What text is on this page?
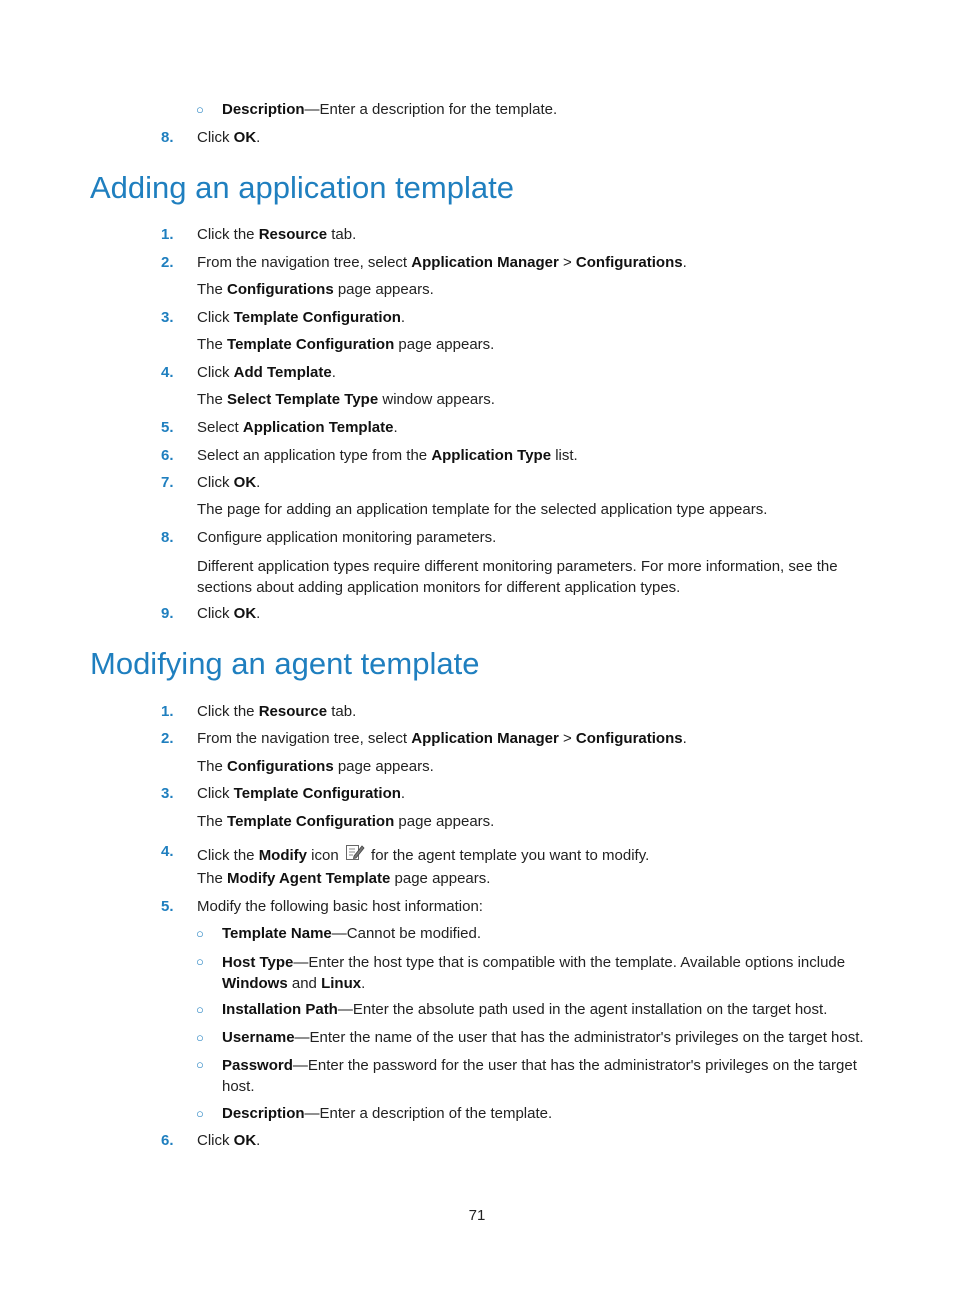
○ Description—Enter a description for the template.
8.	Click OK.
Adding an application template
1.	Click the Resource tab.
2.	From the navigation tree, select Application Manager > Configurations.
The Configurations page appears.
3.	Click Template Configuration.
The Template Configuration page appears.
4.	Click Add Template.
The Select Template Type window appears.
5.	Select Application Template.
6.	Select an application type from the Application Type list.
7.	Click OK.
The page for adding an application template for the selected application type appears.
8.	Configure application monitoring parameters.
Different application types require different monitoring parameters. For more information, see the sections about adding application monitors for different application types.
9.	Click OK.
Modifying an agent template
1.	Click the Resource tab.
2.	From the navigation tree, select Application Manager > Configurations.
The Configurations page appears.
3.	Click Template Configuration.
The Template Configuration page appears.
4.	Click the Modify icon  for the agent template you want to modify.
The Modify Agent Template page appears.
5.	Modify the following basic host information:
○ Template Name—Cannot be modified.
○ Host Type—Enter the host type that is compatible with the template. Available options include Windows and Linux.
○ Installation Path—Enter the absolute path used in the agent installation on the target host.
○ Username—Enter the name of the user that has the administrator's privileges on the target host.
○ Password—Enter the password for the user that has the administrator's privileges on the target host.
○ Description—Enter a description of the template.
6.	Click OK.
71
